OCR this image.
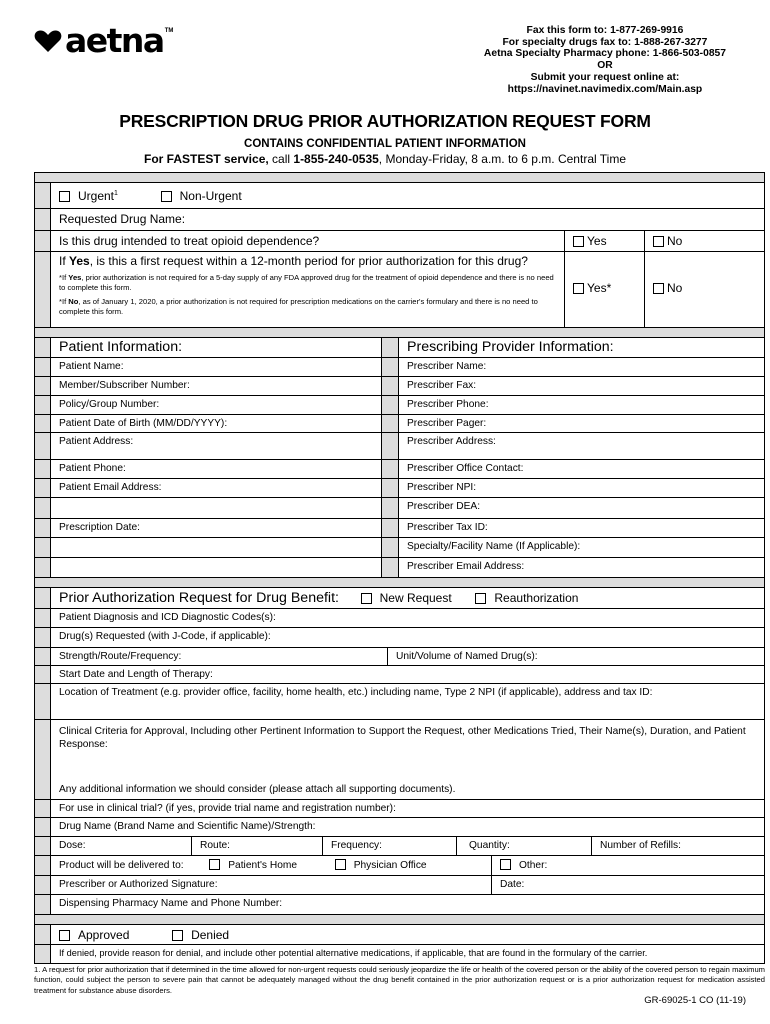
aetna TM	Fax this form to: 1-877-269-9916
For specialty drugs fax to: 1-888-267-3277
Aetna Specialty Pharmacy phone: 1-866-503-0857
OR
Submit your request online at:
https://navinet.navimedix.com/Main.asp
PRESCRIPTION DRUG PRIOR AUTHORIZATION REQUEST FORM
CONTAINS CONFIDENTIAL PATIENT INFORMATION
For FASTEST service, call 1-855-240-0535, Monday-Friday, 8 a.m. to 6 p.m. Central Time
Urgent$^1$	Non-Urgent
Requested Drug Name:
Is this drug intended to treat opioid dependence?	Yes	No
If Yes, is this a first request within a 12-month period for prior authorization for this drug?
*If Yes, prior authorization is not required for a 5-day supply of any FDA approved drug for the treatment of opioid dependence and there is no need to complete this form.
*If No, as of January 1, 2020, a prior authorization is not required for prescription medications on the carrier's formulary and there is no need to complete this form.
Yes*	No
Patient Information:	Prescribing Provider Information:
Patient Name:	Prescriber Name:
Member/Subscriber Number:	Prescriber Fax:
Policy/Group Number:	Prescriber Phone:
Patient Date of Birth (MM/DD/YYYY):	Prescriber Pager:
Patient Address:	Prescriber Address:
Patient Phone:	Prescriber Office Contact:
Patient Email Address:	Prescriber NPI:
Prescriber DEA:
Prescription Date:	Prescriber Tax ID:
Specialty/Facility Name (If Applicable):
Prescriber Email Address:
Prior Authorization Request for Drug Benefit:	New Request	Reauthorization
Patient Diagnosis and ICD Diagnostic Codes(s):
Drug(s) Requested (with J-Code, if applicable):
Strength/Route/Frequency:	Unit/Volume of Named Drug(s):
Start Date and Length of Therapy:
Location of Treatment (e.g. provider office, facility, home health, etc.) including name, Type 2 NPI (if applicable), address and tax ID:
Clinical Criteria for Approval, Including other Pertinent Information to Support the Request, other Medications Tried, Their Name(s), Duration, and Patient Response:
Any additional information we should consider (please attach all supporting documents).
For use in clinical trial? (if yes, provide trial name and registration number):
Drug Name (Brand Name and Scientific Name)/Strength:
Dose:	Route:	Frequency:	Quantity:	Number of Refills:
Product will be delivered to:	Patient's Home	Physician Office	Other:
Prescriber or Authorized Signature:	Date:
Dispensing Pharmacy Name and Phone Number:
Approved	Denied
If denied, provide reason for denial, and include other potential alternative medications, if applicable, that are found in the formulary of the carrier.
1. A request for prior authorization that if determined in the time allowed for non-urgent requests could seriously jeopardize the life or health of the covered person or the ability of the covered person to regain maximum function, could subject the person to severe pain that cannot be adequately managed without the drug benefit contained in the prior authorization request or is a prior authorization request for medication assisted treatment for substance abuse disorders.
GR-69025-1 CO (11-19)
